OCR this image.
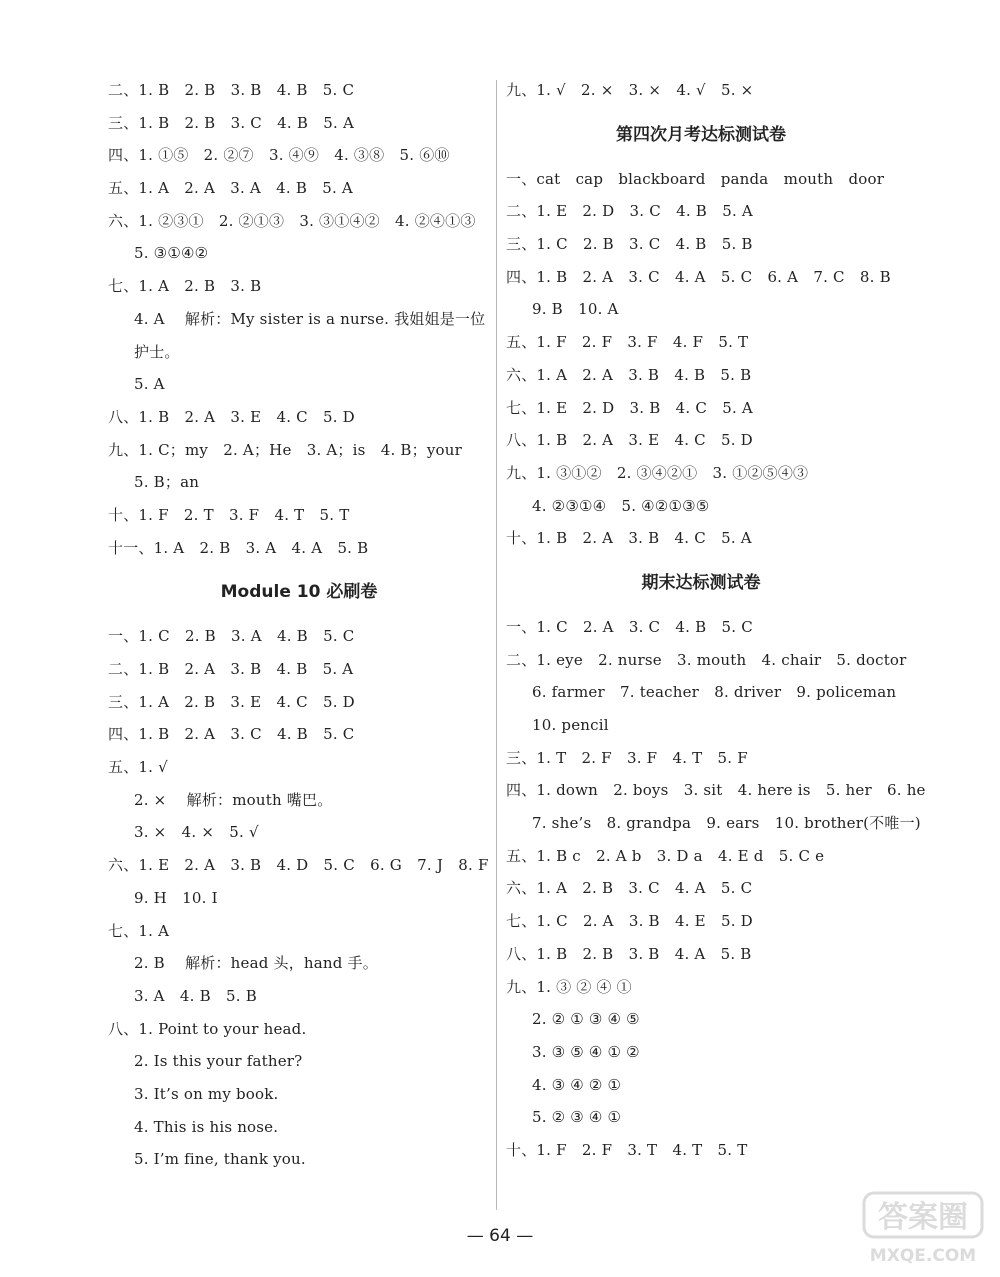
二、1. B　2. B　3. B　4. B　5. C
三、1. B　2. B　3. C　4. B　5. A
四、1. ①⑤　2. ②⑦　3. ④⑨　4. ③⑧　5. ⑥⑩
五、1. A　2. A　3. A　4. B　5. A
六、1. ②③①　2. ②①③　3. ③①④②　4. ②④①③
5. ③①④②
七、1. A　2. B　3. B
4. A　 解析：My sister is a nurse. 我姐姐是一位
护士。
5. A
八、1. B　2. A　3. E　4. C　5. D
九、1. C；my　2. A；He　3. A；is　4. B；your
5. B；an
十、1. F　2. T　3. F　4. T　5. T
十一、1. A　2. B　3. A　4. A　5. B
Module 10 必刷卷
一、1. C　2. B　3. A　4. B　5. C
二、1. B　2. A　3. B　4. B　5. A
三、1. A　2. B　3. E　4. C　5. D
四、1. B　2. A　3. C　4. B　5. C
五、1. √
2. ×　 解析：mouth 嘴巴。
3. ×　4. ×　5. √
六、1. E　2. A　3. B　4. D　5. C　6. G　7. J　8. F
9. H　10. I
七、1. A
2. B　 解析：head 头，hand 手。
3. A　4. B　5. B
八、1. Point to your head.
2. Is this your father?
3. It’s on my book.
4. This is his nose.
5. I’m fine, thank you.
九、1. √　2. ×　3. ×　4. √　5. ×
第四次月考达标测试卷
一、cat　cap　blackboard　panda　mouth　door
二、1. E　2. D　3. C　4. B　5. A
三、1. C　2. B　3. C　4. B　5. B
四、1. B　2. A　3. C　4. A　5. C　6. A　7. C　8. B
9. B　10. A
五、1. F　2. F　3. F　4. F　5. T
六、1. A　2. A　3. B　4. B　5. B
七、1. E　2. D　3. B　4. C　5. A
八、1. B　2. A　3. E　4. C　5. D
九、1. ③①②　2. ③④②①　3. ①②⑤④③
4. ②③①④　5. ④②①③⑤
十、1. B　2. A　3. B　4. C　5. A
期末达标测试卷
一、1. C　2. A　3. C　4. B　5. C
二、1. eye　2. nurse　3. mouth　4. chair　5. doctor
6. farmer　7. teacher　8. driver　9. policeman
10. pencil
三、1. T　2. F　3. F　4. T　5. F
四、1. down　2. boys　3. sit　4. here is　5. her　6. he
7. she’s　8. grandpa　9. ears　10. brother(不唯一)
五、1. B c　2. A b　3. D a　4. E d　5. C e
六、1. A　2. B　3. C　4. A　5. C
七、1. C　2. A　3. B　4. E　5. D
八、1. B　2. B　3. B　4. A　5. B
九、1. ③ ② ④ ①
2. ② ① ③ ④ ⑤
3. ③ ⑤ ④ ① ②
4. ③ ④ ② ①
5. ② ③ ④ ①
十、1. F　2. F　3. T　4. T　5. T
— 64 —
答案圈
MXQE.COM
